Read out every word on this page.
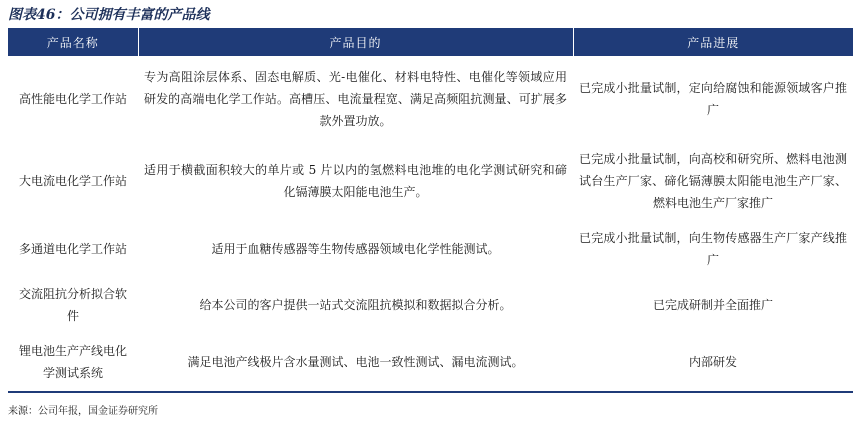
图表46：公司拥有丰富的产品线
产品名称	产品目的	产品进展
高性能电化学工作站	专为高阻涂层体系、固态电解质、光-电催化、材料电特性、电催化等领域应用研发的高端电化学工作站。高槽压、电流量程宽、满足高频阻抗测量、可扩展多款外置功放。	已完成小批量试制，定向给腐蚀和能源领域客户推广
大电流电化学工作站	适用于横截面积较大的单片或 5 片以内的氢燃料电池堆的电化学测试研究和碲化镉薄膜太阳能电池生产。	已完成小批量试制，向高校和研究所、燃料电池测试台生产厂家、碲化镉薄膜太阳能电池生产厂家、燃料电池生产厂家推广
多通道电化学工作站	适用于血糖传感器等生物传感器领域电化学性能测试。	已完成小批量试制，向生物传感器生产厂家产线推广
交流阻抗分析拟合软件	给本公司的客户提供一站式交流阻抗模拟和数据拟合分析。	已完成研制并全面推广
锂电池生产产线电化学测试系统	满足电池产线极片含水量测试、电池一致性测试、漏电流测试。	内部研发
来源：公司年报，国金证券研究所
